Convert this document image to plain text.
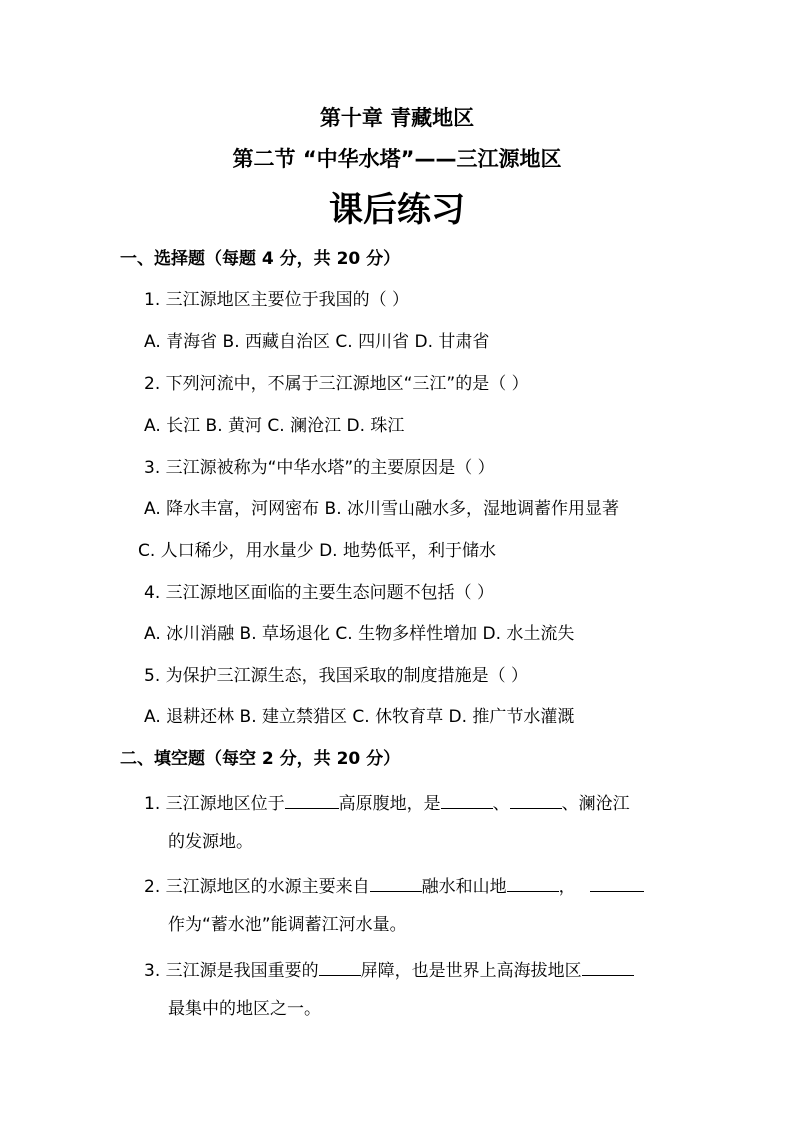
第十章 青藏地区
第二节 “中华水塔”——三江源地区
课后练习
一、选择题（每题 4 分，共 20 分）
1. 三江源地区主要位于我国的（ ）
A. 青海省 B. 西藏自治区 C. 四川省 D. 甘肃省
2. 下列河流中，不属于三江源地区“三江”的是（ ）
A. 长江 B. 黄河 C. 澜沧江 D. 珠江
3. 三江源被称为“中华水塔”的主要原因是（ ）
A. 降水丰富，河网密布 B. 冰川雪山融水多，湿地调蓄作用显著
C. 人口稀少，用水量少 D. 地势低平，利于储水
4. 三江源地区面临的主要生态问题不包括（ ）
A. 冰川消融 B. 草场退化 C. 生物多样性增加 D. 水土流失
5. 为保护三江源生态，我国采取的制度措施是（ ）
A. 退耕还林 B. 建立禁猎区 C. 休牧育草 D. 推广节水灌溉
二、填空题（每空 2 分，共 20 分）
1. 三江源地区位于	高原腹地，是	、	、澜沧江
的发源地。
2. 三江源地区的水源主要来自	融水和山地	，
作为“蓄水池”能调蓄江河水量。
3. 三江源是我国重要的 屏障，也是世界上高海拔地区
最集中的地区之一。
